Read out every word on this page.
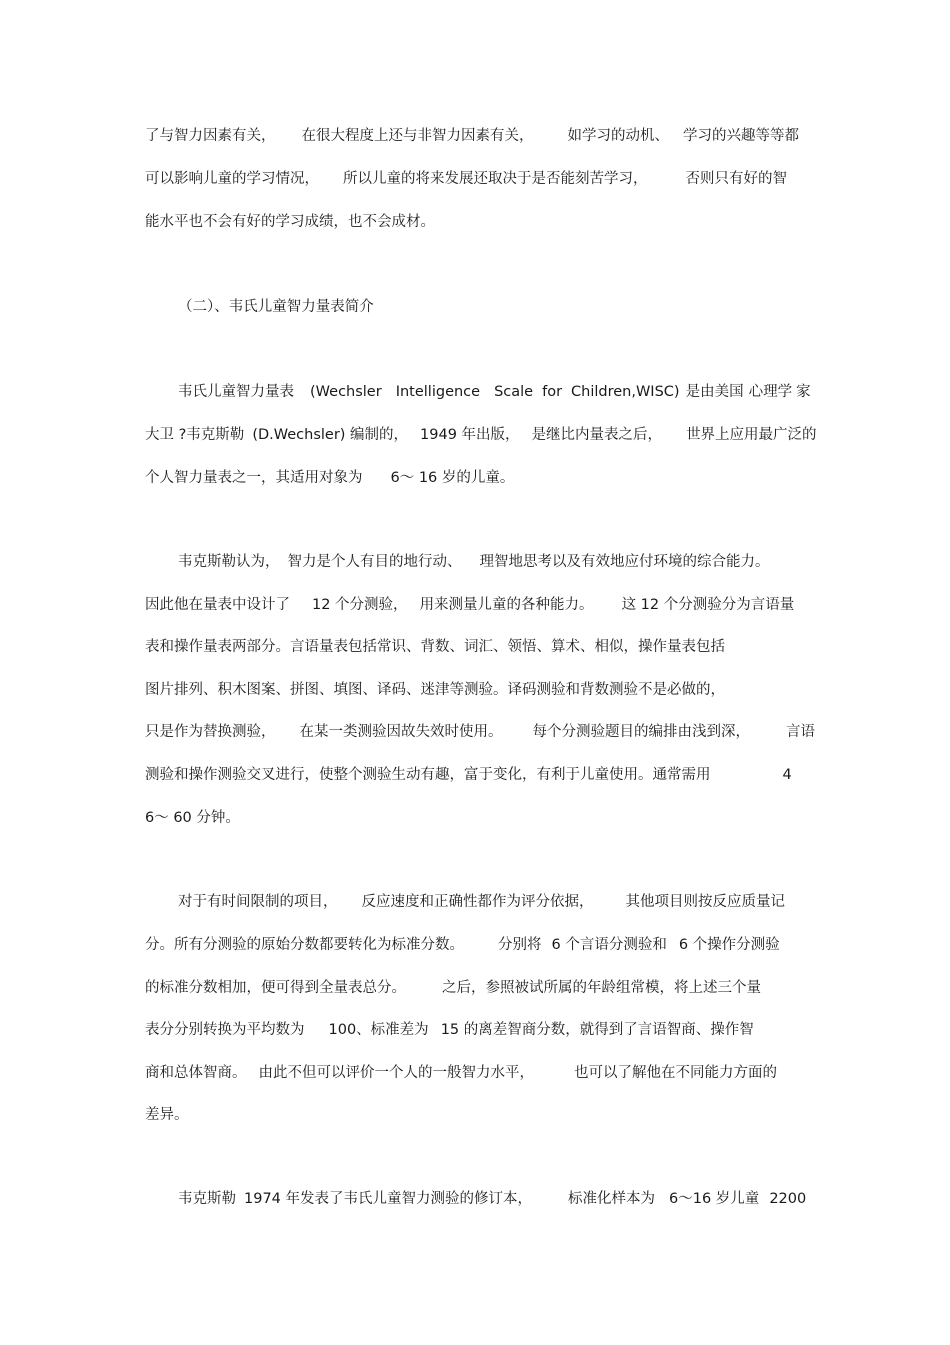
了与智力因素有关， 在很大程度上还与非智力因素有关， 如学习的动机、 学习的兴趣等等都

可以影响儿童的学习情况， 所以儿童的将来发展还取决于是否能刻苦学习，	否则只有好的智

能水平也不会有好的学习成绩，也不会成材。

（二）、韦氏儿童智力量表简介

韦氏儿童智力量表 (Wechsler Intelligence Scale for Children,WISC) 是由美国 心理学 家

大卫 ?韦克斯勒 (D.Wechsler) 编制的， 1949 年出版， 是继比内量表之后， 世界上应用最广泛的

个人智力量表之一，其适用对象为 6～ 16 岁的儿童。

韦克斯勒认为， 智力是个人有目的地行动、 理智地思考以及有效地应付环境的综合能力。

因此他在量表中设计了 12 个分测验， 用来测量儿童的各种能力。 这 12 个分测验分为言语量

表和操作量表两部分。言语量表包括常识、背数、词汇、领悟、算术、相似，操作量表包括

图片排列、积木图案、拼图、填图、译码、迷津等测验。译码测验和背数测验不是必做的，

只是作为替换测验， 在某一类测验因故失效时使用。 每个分测验题目的编排由浅到深， 言语

测验和操作测验交叉进行，使整个测验生动有趣，富于变化，有利于儿童使用。通常需用	4

6～ 60 分钟。

对于有时间限制的项目， 反应速度和正确性都作为评分依据， 其他项目则按反应质量记

分。所有分测验的原始分数都要转化为标准分数。 分别将 6 个言语分测验和 6 个操作分测验

的标准分数相加，便可得到全量表总分。 之后，参照被试所属的年龄组常模，将上述三个量

表分分别转换为平均数为 100、标准差为 15 的离差智商分数，就得到了言语智商、操作智

商和总体智商。 由此不但可以评价一个人的一般智力水平，	也可以了解他在不同能力方面的

差异。

韦克斯勒 1974 年发表了韦氏儿童智力测验的修订本， 标准化样本为 6～16 岁儿童 2200
